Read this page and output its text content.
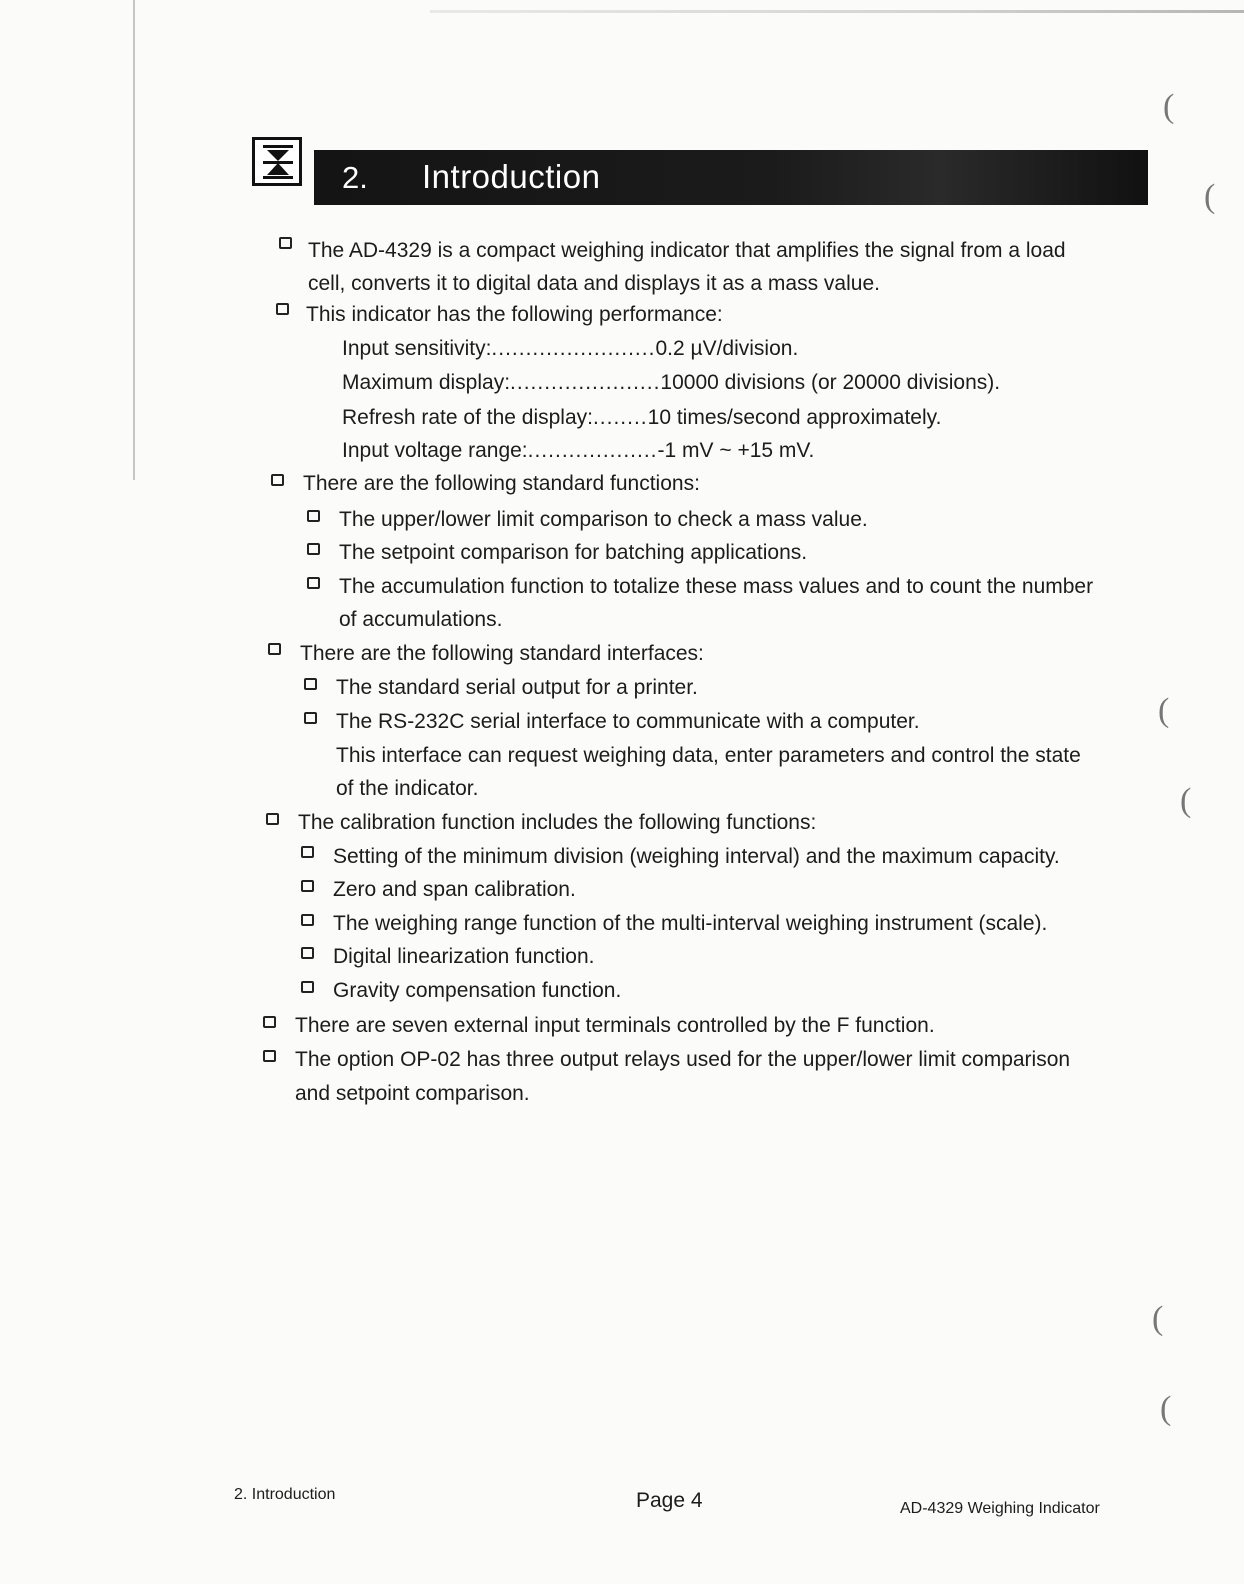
(
(
(
(
(
(
2. Introduction
The AD-4329 is a compact weighing indicator that amplifies the signal from a load
cell, converts it to digital data and displays it as a mass value.
This indicator has the following performance:
Input sensitivity:........................0.2 µV/division.
Maximum display:......................10000 divisions (or 20000 divisions).
Refresh rate of the display:........10 times/second approximately.
Input voltage range:...................-1 mV ~ +15 mV.
There are the following standard functions:
The upper/lower limit comparison to check a mass value.
The setpoint comparison for batching applications.
The accumulation function to totalize these mass values and to count the number
of accumulations.
There are the following standard interfaces:
The standard serial output for a printer.
The RS-232C serial interface to communicate with a computer.
This interface can request weighing data, enter parameters and control the state
of the indicator.
The calibration function includes the following functions:
Setting of the minimum division (weighing interval) and the maximum capacity.
Zero and span calibration.
The weighing range function of the multi-interval weighing instrument (scale).
Digital linearization function.
Gravity compensation function.
There are seven external input terminals controlled by the F function.
The option OP-02 has three output relays used for the upper/lower limit comparison
and setpoint comparison.
2. Introduction	Page 4	AD-4329 Weighing Indicator
